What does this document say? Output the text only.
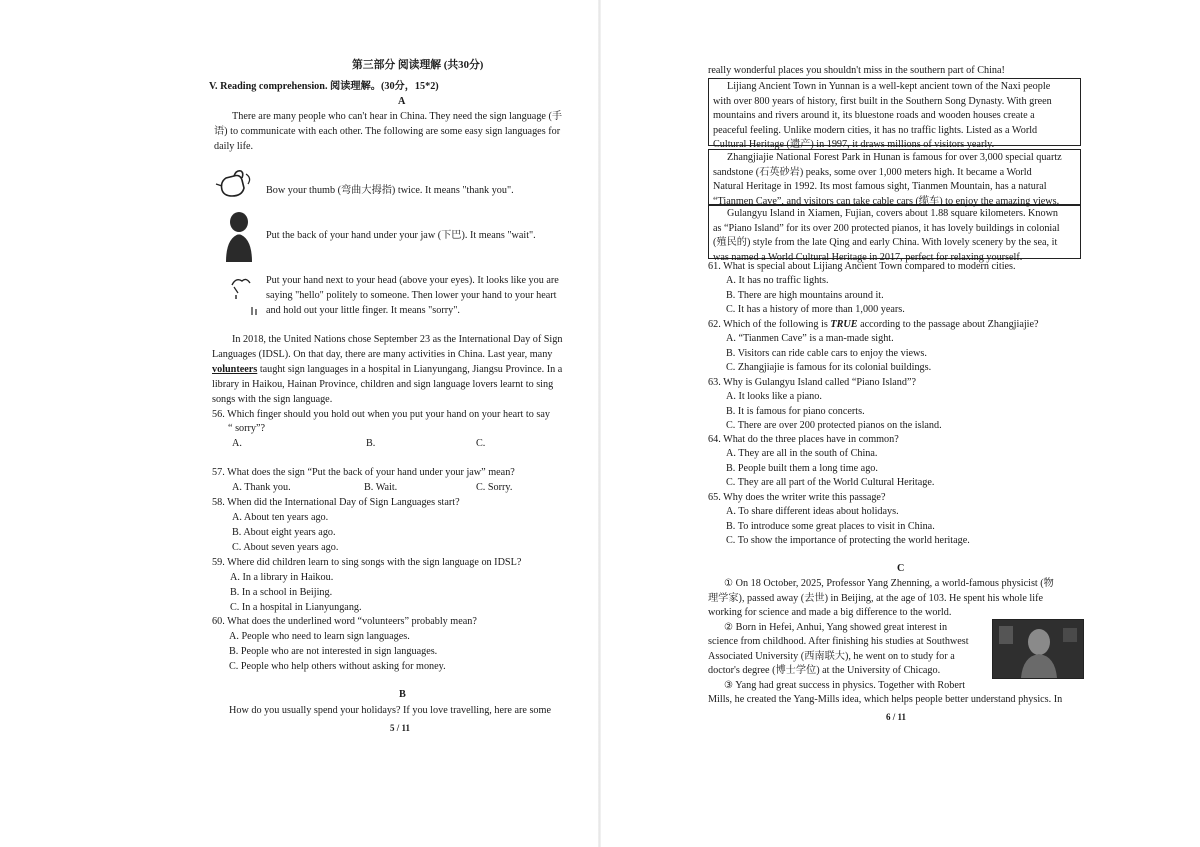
第三部分 阅读理解 (共30分)
V. Reading comprehension. 阅读理解。(30分，15*2)
A
There are many people who can't hear in China. They need the sign language (手
语) to communicate with each other. The following are some easy sign languages for
daily life.
Bow your thumb (弯曲大拇指) twice. It means "thank you".
Put the back of your hand under your jaw (下巴). It means "wait".
Put your hand next to your head (above your eyes). It looks like you are
saying "hello" politely to someone. Then lower your hand to your heart
and hold out your little finger. It means "sorry".
In 2018, the United Nations chose September 23 as the International Day of Sign
Languages (IDSL). On that day, there are many activities in China. Last year, many
volunteers taught sign languages in a hospital in Lianyungang, Jiangsu Province. In a
library in Haikou, Hainan Province, children and sign language lovers learnt to sing
songs with the sign language.
56. Which finger should you hold out when you put your hand on your heart to say
“ sorry”?
A.	B.	C.
57. What does the sign “Put the back of your hand under your jaw” mean?
A. Thank you.	B. Wait.	C. Sorry.
58. When did the International Day of Sign Languages start?
A. About ten years ago.
B. About eight years ago.
C. About seven years ago.
59. Where did children learn to sing songs with the sign language on IDSL?
A. In a library in Haikou.
B. In a school in Beijing.
C. In a hospital in Lianyungang.
60. What does the underlined word “volunteers” probably mean?
A. People who need to learn sign languages.
B. People who are not interested in sign languages.
C. People who help others without asking for money.
B
How do you usually spend your holidays? If you love travelling, here are some
5 / 11
really wonderful places you shouldn't miss in the southern part of China!
Lijiang Ancient Town in Yunnan is a well-kept ancient town of the Naxi people
with over 800 years of history, first built in the Southern Song Dynasty. With green
mountains and rivers around it, its bluestone roads and wooden houses create a
peaceful feeling. Unlike modern cities, it has no traffic lights. Listed as a World
Cultural Heritage (遗产) in 1997, it draws millions of visitors yearly.
Zhangjiajie National Forest Park in Hunan is famous for over 3,000 special quartz
sandstone (石英砂岩) peaks, some over 1,000 meters high. It became a World
Natural Heritage in 1992. Its most famous sight, Tianmen Mountain, has a natural
“Tianmen Cave”, and visitors can take cable cars (缆车) to enjoy the amazing views.
Gulangyu Island in Xiamen, Fujian, covers about 1.88 square kilometers. Known
as “Piano Island” for its over 200 protected pianos, it has lovely buildings in colonial
(殖民的) style from the late Qing and early China. With lovely scenery by the sea, it
was named a World Cultural Heritage in 2017, perfect for relaxing yourself.
61. What is special about Lijiang Ancient Town compared to modern cities.
A. It has no traffic lights.
B. There are high mountains around it.
C. It has a history of more than 1,000 years.
62. Which of the following is TRUE according to the passage about Zhangjiajie?
A. “Tianmen Cave” is a man-made sight.
B. Visitors can ride cable cars to enjoy the views.
C. Zhangjiajie is famous for its colonial buildings.
63. Why is Gulangyu Island called “Piano Island”?
A. It looks like a piano.
B. It is famous for piano concerts.
C. There are over 200 protected pianos on the island.
64. What do the three places have in common?
A. They are all in the south of China.
B. People built them a long time ago.
C. They are all part of the World Cultural Heritage.
65. Why does the writer write this passage?
A. To share different ideas about holidays.
B. To introduce some great places to visit in China.
C. To show the importance of protecting the world heritage.
C
① On 18 October, 2025, Professor Yang Zhenning, a world-famous physicist (物
理学家), passed away (去世) in Beijing, at the age of 103. He spent his whole life
working for science and made a big difference to the world.
② Born in Hefei, Anhui, Yang showed great interest in
science from childhood. After finishing his studies at Southwest
Associated University (西南联大), he went on to study for a
doctor's degree (博士学位) at the University of Chicago.
③ Yang had great success in physics. Together with Robert
Mills, he created the Yang-Mills idea, which helps people better understand physics. In
6 / 11
